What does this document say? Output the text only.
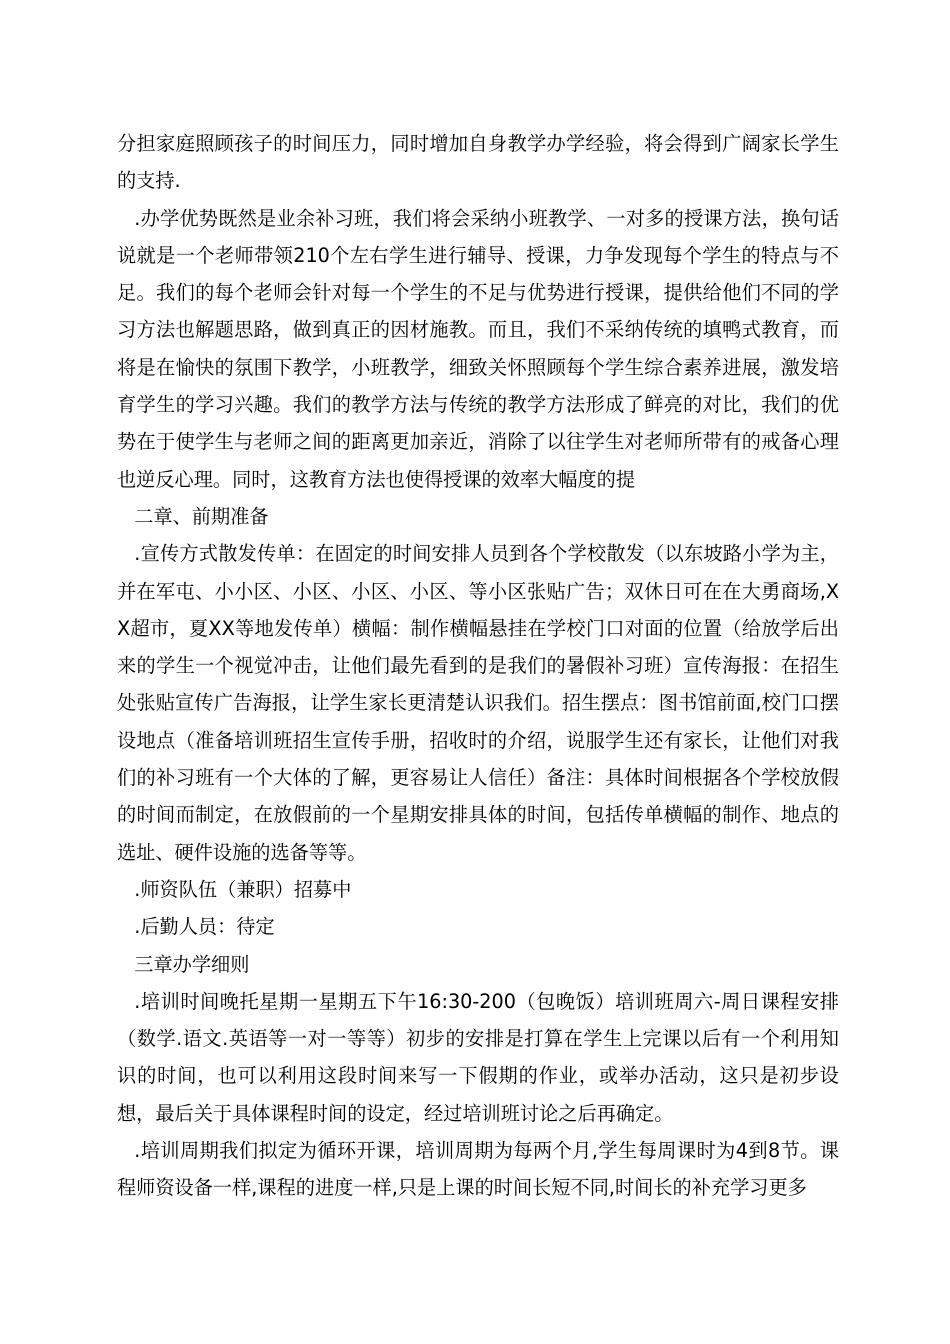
分担家庭照顾孩子的时间压力，同时增加自身教学办学经验，将会得到广阔家长学生的支持.

.办学优势既然是业余补习班，我们将会采纳小班教学、一对多的授课方法，换句话说就是一个老师带领210个左右学生进行辅导、授课，力争发现每个学生的特点与不足。我们的每个老师会针对每一个学生的不足与优势进行授课，提供给他们不同的学习方法也解题思路，做到真正的因材施教。而且，我们不采纳传统的填鸭式教育，而将是在愉快的氛围下教学，小班教学，细致关怀照顾每个学生综合素养进展，激发培育学生的学习兴趣。我们的教学方法与传统的教学方法形成了鲜亮的对比，我们的优势在于使学生与老师之间的距离更加亲近，消除了以往学生对老师所带有的戒备心理也逆反心理。同时，这教育方法也使得授课的效率大幅度的提

二章、前期准备

.宣传方式散发传单：在固定的时间安排人员到各个学校散发（以东坡路小学为主，并在军屯、小小区、小区、小区、小区、等小区张贴广告；双休日可在在大勇商场,XX超市，夏XX等地发传单）横幅：制作横幅悬挂在学校门口对面的位置（给放学后出来的学生一个视觉冲击，让他们最先看到的是我们的暑假补习班）宣传海报：在招生处张贴宣传广告海报，让学生家长更清楚认识我们。招生摆点：图书馆前面,校门口摆设地点（准备培训班招生宣传手册，招收时的介绍，说服学生还有家长，让他们对我们的补习班有一个大体的了解，更容易让人信任）备注：具体时间根据各个学校放假的时间而制定，在放假前的一个星期安排具体的时间，包括传单横幅的制作、地点的选址、硬件设施的选备等等。

.师资队伍（兼职）招募中

.后勤人员：待定

三章办学细则

.培训时间晚托星期一星期五下午16:30-200（包晚饭）培训班周六-周日课程安排（数学.语文.英语等一对一等等）初步的安排是打算在学生上完课以后有一个利用知识的时间，也可以利用这段时间来写一下假期的作业，或举办活动，这只是初步设想，最后关于具体课程时间的设定，经过培训班讨论之后再确定。

.培训周期我们拟定为循环开课，培训周期为每两个月,学生每周课时为4到8节。课程师资设备一样,课程的进度一样,只是上课的时间长短不同,时间长的补充学习更多
